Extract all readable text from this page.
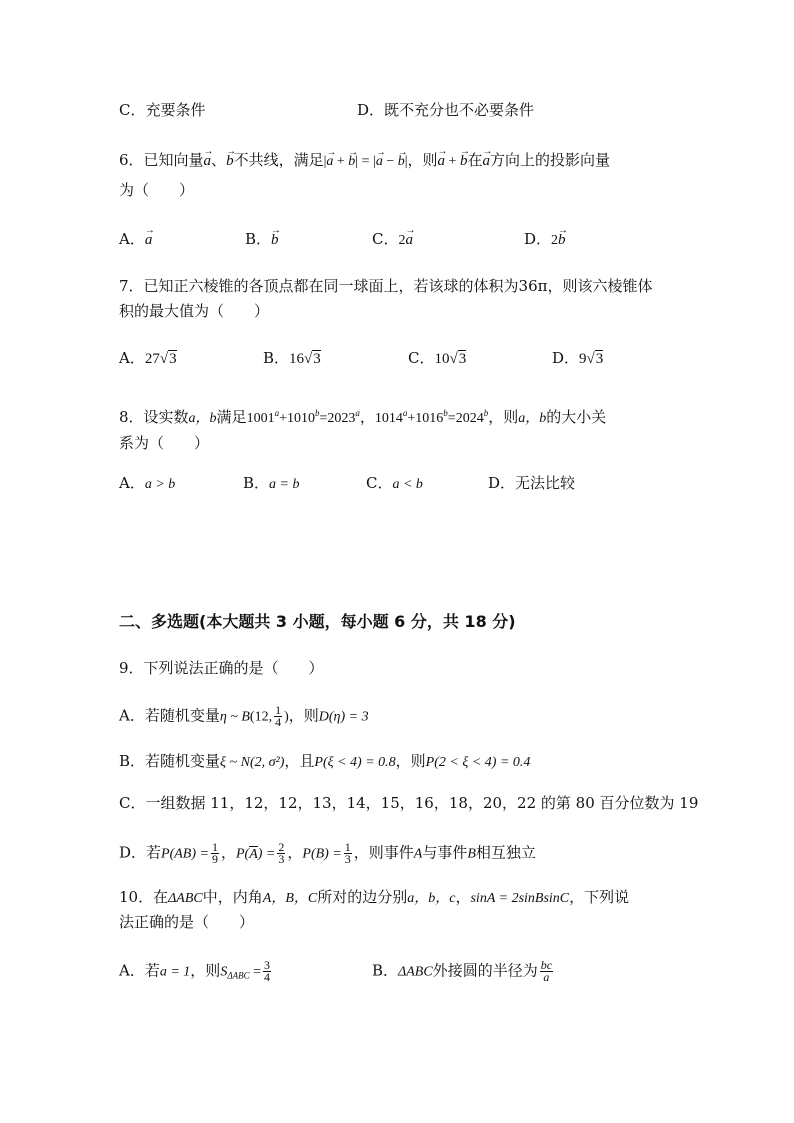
C．充要条件	D．既不充分也不必要条件
6．已知向量→ a、→ b不共线，满足|→ a + → b| = |→ a − → b|，则→ a + → b在→ a方向上的投影向量
为（　　）
A．→ a	B．→ b	C．2→ a	D．2→ b
7．已知正六棱锥的各顶点都在同一球面上，若该球的体积为36π，则该六棱锥体
积的最大值为（　　）
A．27√3	B．16√3	C．10√3	D．9√3
8．设实数a，b满足$1001^a+1010^b=2023^a$，$1014^a+1016^b=2024^b$，则a，b的大小关
系为（　　）
A．a > b	B．a = b	C．a < b	D．无法比较
二、多选题(本大题共 3 小题，每小题 6 分，共 18 分)
9．下列说法正确的是（　　）
A．若随机变量η ~ B(12, $\frac{1}{4}$ )，则D(η) = 3
B．若随机变量ξ ~ N(2, σ²)，且P(ξ < 4) = 0.8，则P(2 < ξ < 4) = 0.4
C．一组数据 11，12，12，13，14，15，16，18，20，22 的第 80 百分位数为 19
D．若$P(AB) = \frac{1}{9}$ ，$P(A) = \frac{2}{3}$ ，$P(B) = \frac{1}{3}$ ，则事件A与事件B相互独立
10．在ΔABC中，内角A，B，C所对的边分别a，b，c，sinA = 2sinBsinC，下列说
法正确的是（　　）
A．若a = 1，则$S_{\Delta ABC} = \frac{3}{4}$	B．ΔABC外接圆的半径为 $\frac{bc}{a}$
